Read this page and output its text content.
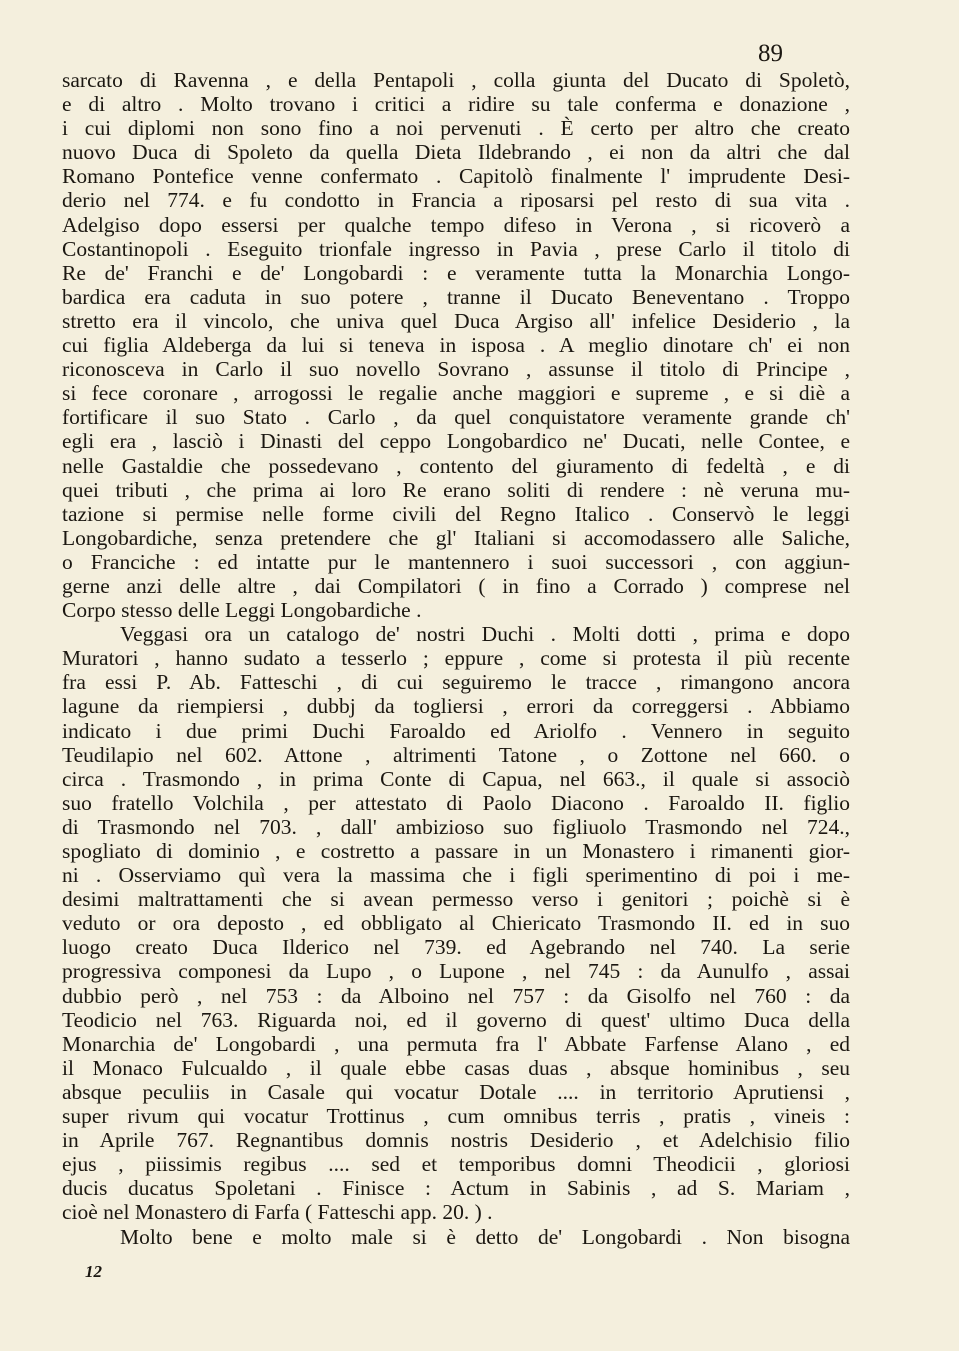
89
sarcato di Ravenna , e della Pentapoli , colla giunta del Ducato di Spoletò,
e di altro . Molto trovano i critici a ridire su tale conferma e donazione ,
i cui diplomi non sono fino a noi pervenuti . È certo per altro che creato
nuovo Duca di Spoleto da quella Dieta Ildebrando , ei non da altri che dal
Romano Pontefice venne confermato . Capitolò finalmente l' imprudente Desi-
derio nel 774. e fu condotto in Francia a riposarsi pel resto di sua vita .
Adelgiso dopo essersi per qualche tempo difeso in Verona , si ricoverò a
Costantinopoli . Eseguito trionfale ingresso in Pavia , prese Carlo il titolo di
Re de' Franchi e de' Longobardi : e veramente tutta la Monarchia Longo-
bardica era caduta in suo potere , tranne il Ducato Beneventano . Troppo
stretto era il vincolo, che univa quel Duca Argiso all' infelice Desiderio , la
cui figlia Aldeberga da lui si teneva in isposa . A meglio dinotare ch' ei non
riconoscevа in Carlo il suo novello Sovrano , assunse il titolo di Principe ,
si fece coronare , arrogossi le regalie anche maggiori e supreme , e si diè a
fortificare il suo Stato . Carlo , da quel conquistatore veramente grande ch'
egli era , lasciò i Dinasti del ceppo Longobardico ne' Ducati, nelle Contee, e
nelle Gastaldie che possedevano , contento del giuramento di fedeltà , e di
quei tributi , che prima ai loro Re erano soliti di rendere : nè veruna mu-
tazione si permise nelle forme civili del Regno Italico . Conservò le leggi
Longobardiche, senza pretendere che gl' Italiani si accomodassero alle Saliche,
o Franciche : ed intatte pur le mantennero i suoi successori , con aggiun-
gerne anzi delle altre , dai Compilatori ( in fino a Corrado ) comprese nel
Corpo stesso delle Leggi Longobardiche .
Veggasi ora un catalogo de' nostri Duchi . Molti dotti , prima e dopo
Muratori , hanno sudato a tesserlo ; eppure , come si protesta il più recente
fra essi P. Ab. Fatteschi , di cui seguiremo le tracce , rimangono ancora
lagune da riempiersi , dubbj da togliersi , errori da correggersi . Abbiamo
indicato i due primi Duchi Faroaldo ed Ariolfo . Vennero in seguito
Teudilapio nel 602. Attone , altrimenti Tatone , o Zottone nel 660. o
circa . Trasmondo , in prima Conte di Capua, nel 663., il quale si associò
suo fratello Volchila , per attestato di Paolo Diacono . Faroaldo II. figlio
di Trasmondo nel 703. , dall' ambizioso suo figliuolo Trasmondo nel 724.,
spogliato di dominio , e costretto a passare in un Monastero i rimanenti gior-
ni . Osserviamo quì vera la massima che i figli sperimentino di poi i me-
desimi maltrattamenti che si avean permesso verso i genitori ; poichè si è
veduto or ora deposto , ed obbligato al Chiericato Trasmondo II. ed in suo
luogo creato Duca Ilderico nel 739. ed Agebrando nel 740. La serie
progressiva componesi da Lupo , o Lupone , nel 745 : da Aunulfo , assai
dubbio però , nel 753 : da Alboino nel 757 : da Gisolfo nel 760 : da
Teodicio nel 763. Riguarda noi, ed il governo di quest' ultimo Duca della
Monarchia de' Longobardi , una permuta fra l' Abbate Farfense Alano , ed
il Monaco Fulcualdo , il quale ebbe casas duas , absque hominibus , seu
absque peculiis in Casale qui vocatur Dotale .... in territorio Aprutiensi ,
super rivum qui vocatur Trottinus , cum omnibus terris , pratis , vineis :
in Aprile 767. Regnantibus domnis nostris Desiderio , et Adelchisio filio
ejus , piissimis regibus .... sed et temporibus domni Theodicii , gloriosi
ducis ducatus Spoletani . Finisce : Actum in Sabinis , ad S. Mariam ,
cioè nel Monastero di Farfa ( Fatteschi app. 20. ) .
Molto bene e molto male si è detto de' Longobardi . Non bisogna
12
